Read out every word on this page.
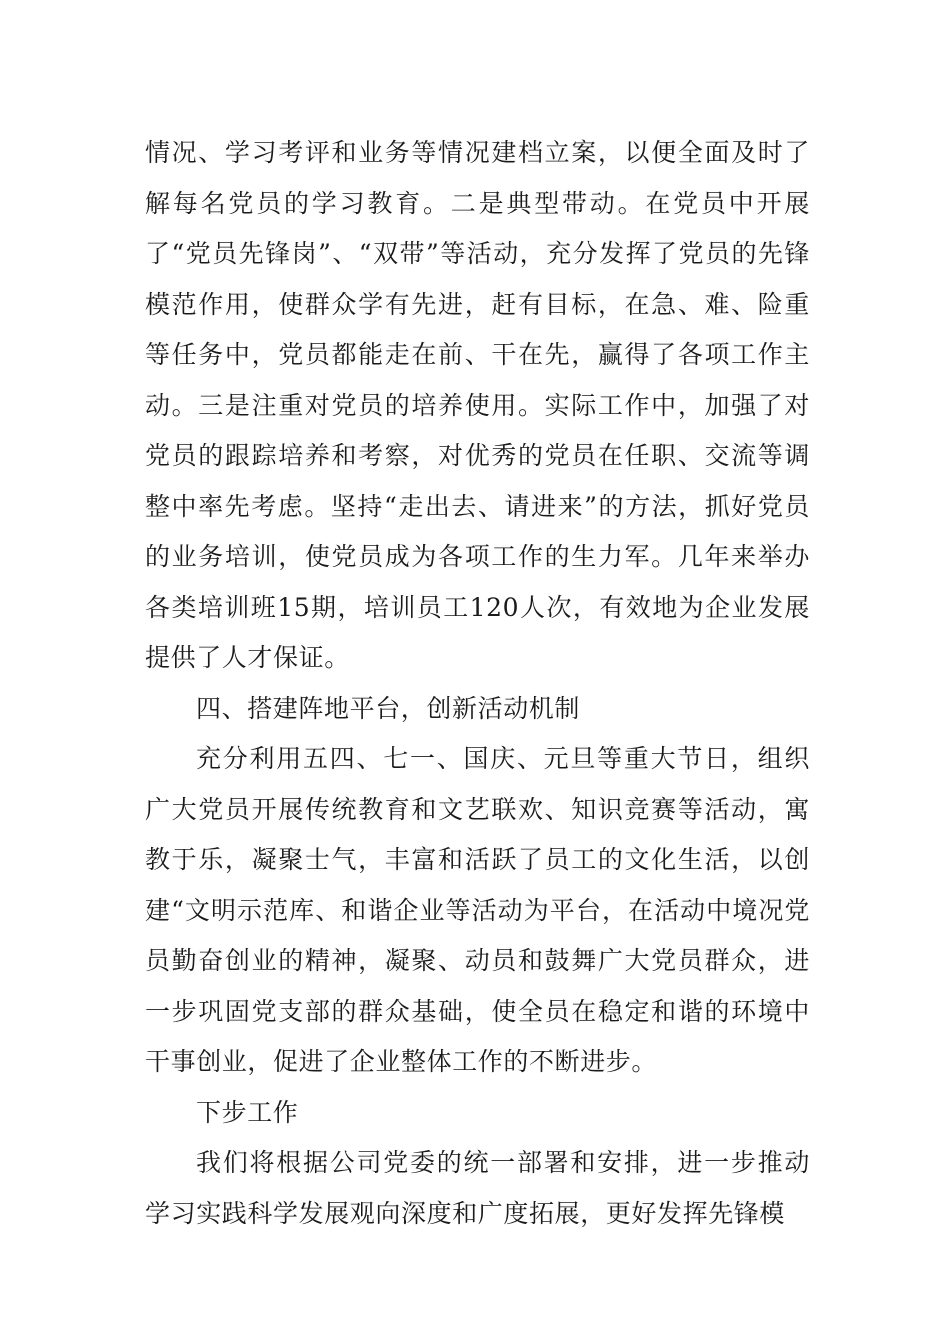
情况、学习考评和业务等情况建档立案，以便全面及时了解每名党员的学习教育。二是典型带动。在党员中开展了“党员先锋岗”、“双带”等活动，充分发挥了党员的先锋模范作用，使群众学有先进，赶有目标，在急、难、险重等任务中，党员都能走在前、干在先，赢得了各项工作主动。三是注重对党员的培养使用。实际工作中，加强了对党员的跟踪培养和考察，对优秀的党员在任职、交流等调整中率先考虑。坚持“走出去、请进来”的方法，抓好党员的业务培训，使党员成为各项工作的生力军。几年来举办各类培训班15期，培训员工120人次，有效地为企业发展提供了人才保证。

四、搭建阵地平台，创新活动机制

充分利用五四、七一、国庆、元旦等重大节日，组织广大党员开展传统教育和文艺联欢、知识竞赛等活动，寓教于乐，凝聚士气，丰富和活跃了员工的文化生活，以创建“文明示范库、和谐企业等活动为平台，在活动中境况党员勤奋创业的精神，凝聚、动员和鼓舞广大党员群众，进一步巩固党支部的群众基础，使全员在稳定和谐的环境中干事创业，促进了企业整体工作的不断进步。

下步工作

我们将根据公司党委的统一部署和安排，进一步推动学习实践科学发展观向深度和广度拓展，更好发挥先锋模
